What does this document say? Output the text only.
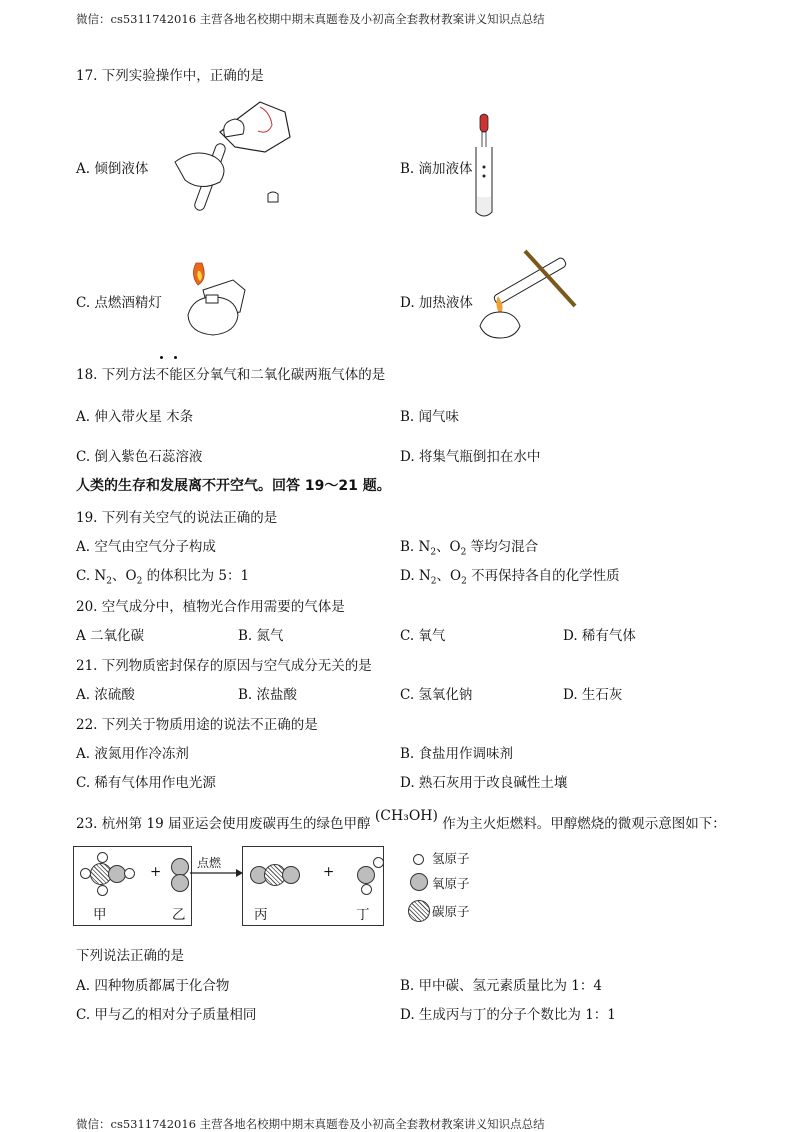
微信：cs5311742016 主营各地名校期中期末真题卷及小初高全套教材教案讲义知识点总结
微信：cs5311742016 主营各地名校期中期末真题卷及小初高全套教材教案讲义知识点总结
17. 下列实验操作中，正确的是
A. 倾倒液体	B. 滴加液体
C. 点燃酒精灯	D. 加热液体
18. 下列方法不能区分氧气和二氧化碳两瓶气体的是
A. 伸入带火星 木条	B. 闻气味
C. 倒入紫色石蕊溶液	D. 将集气瓶倒扣在水中
人类的生存和发展离不开空气。回答 19～21 题。
19. 下列有关空气的说法正确的是
A. 空气由空气分子构成	B. $N_2$、$O_2$ 等均匀混合
C. $N_2$、$O_2$ 的体积比为 5：1	D. $N_2$、$O_2$ 不再保持各自的化学性质
20. 空气成分中，植物光合作用需要的气体是
A 二氧化碳	B. 氮气	C. 氧气	D. 稀有气体
21. 下列物质密封保存的原因与空气成分无关的是
A. 浓硫酸	B. 浓盐酸	C. 氢氧化钠	D. 生石灰
22. 下列关于物质用途的说法不正确的是
A. 液氮用作冷冻剂	B. 食盐用作调味剂
C. 稀有气体用作电光源	D. 熟石灰用于改良碱性土壤
23. 杭州第 19 届亚运会使用废碳再生的绿色甲醇 (CH₃OH) 作为主火炬燃料。甲醇燃烧的微观示意图如下：
+
甲	乙
点燃
+
丙	丁
氢原子
氧原子
碳原子
下列说法正确的是
A. 四种物质都属于化合物	B. 甲中碳、氢元素质量比为 1：4
C. 甲与乙的相对分子质量相同	D. 生成丙与丁的分子个数比为 1：1
